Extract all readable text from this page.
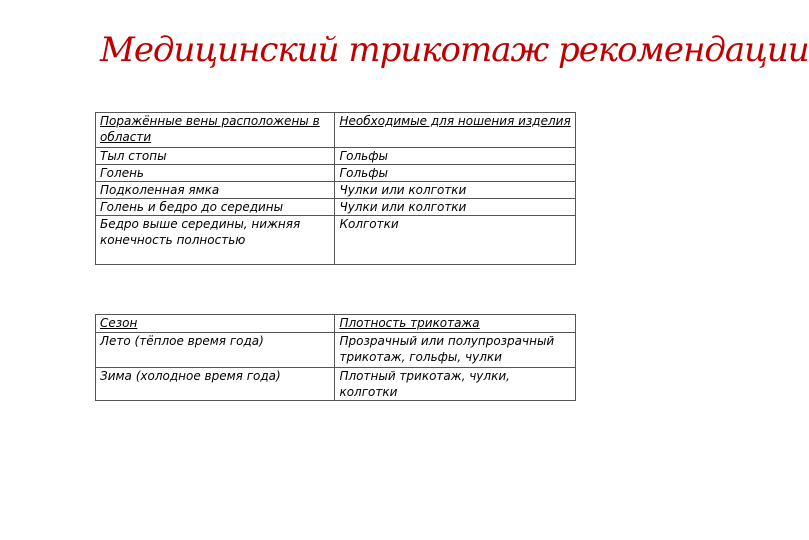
Медицинский трикотаж рекомендации
Поражённые вены расположены в области	Необходимые для ношения изделия
Тыл стопы	Гольфы
Голень	Гольфы
Подколенная ямка	Чулки или колготки
Голень и бедро до середины	Чулки или колготки
Бедро выше середины, нижняя конечность полностью	Колготки
Сезон	Плотность трикотажа
Лето (тёплое время года)	Прозрачный или полупрозрачный трикотаж, гольфы, чулки
Зима (холодное время года)	Плотный трикотаж, чулки, колготки
